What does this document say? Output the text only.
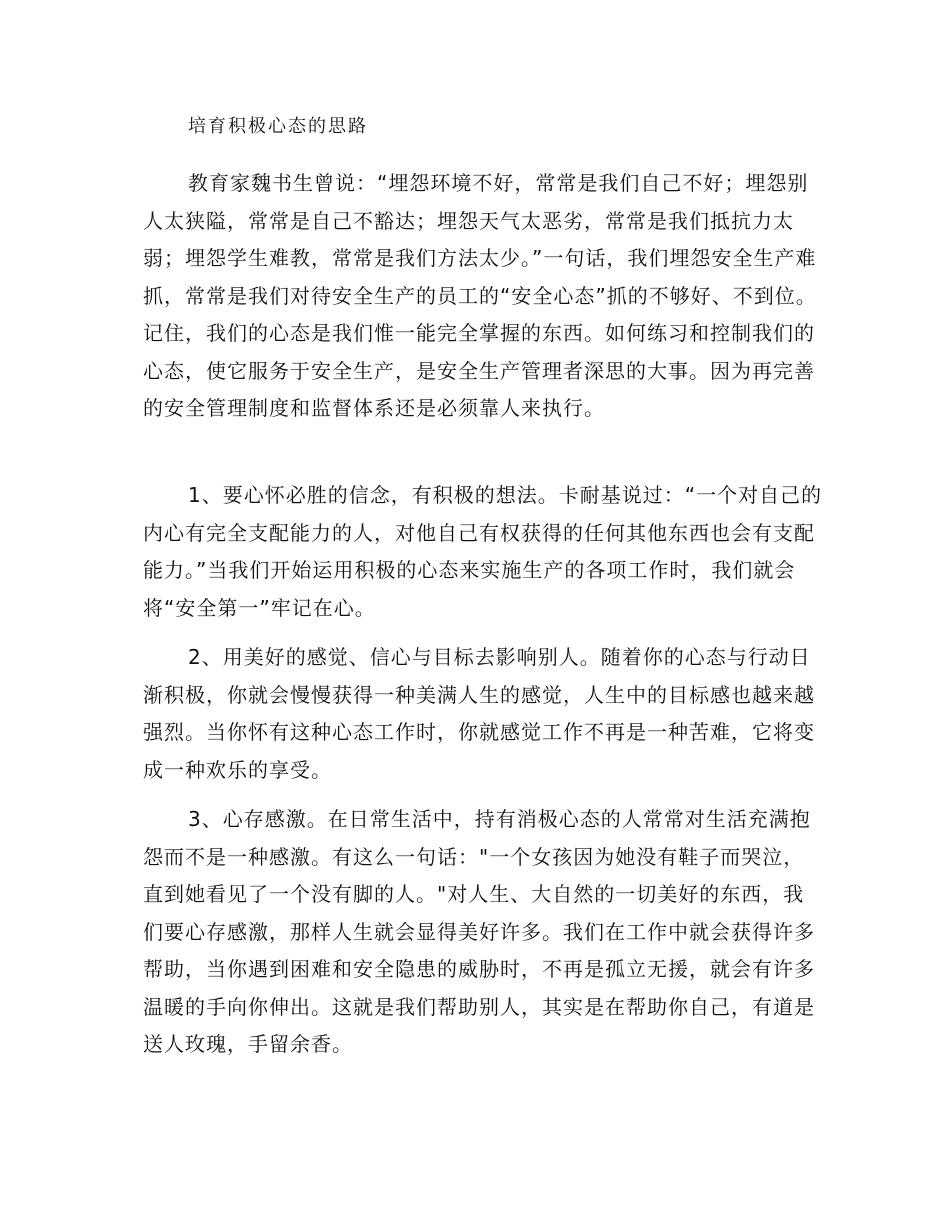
培育积极心态的思路

教育家魏书生曾说：“埋怨环境不好，常常是我们自己不好；埋怨别人太狭隘，常常是自己不豁达；埋怨天气太恶劣，常常是我们抵抗力太弱；埋怨学生难教，常常是我们方法太少。”一句话，我们埋怨安全生产难抓，常常是我们对待安全生产的员工的“安全心态”抓的不够好、不到位。记住，我们的心态是我们惟一能完全掌握的东西。如何练习和控制我们的心态，使它服务于安全生产，是安全生产管理者深思的大事。因为再完善的安全管理制度和监督体系还是必须靠人来执行。

1、要心怀必胜的信念，有积极的想法。卡耐基说过：“一个对自己的内心有完全支配能力的人，对他自己有权获得的任何其他东西也会有支配能力。”当我们开始运用积极的心态来实施生产的各项工作时，我们就会将“安全第一”牢记在心。

2、用美好的感觉、信心与目标去影响别人。随着你的心态与行动日渐积极，你就会慢慢获得一种美满人生的感觉，人生中的目标感也越来越强烈。当你怀有这种心态工作时，你就感觉工作不再是一种苦难，它将变成一种欢乐的享受。

3、心存感激。在日常生活中，持有消极心态的人常常对生活充满抱怨而不是一种感激。有这么一句话："一个女孩因为她没有鞋子而哭泣，直到她看见了一个没有脚的人。"对人生、大自然的一切美好的东西，我们要心存感激，那样人生就会显得美好许多。我们在工作中就会获得许多帮助，当你遇到困难和安全隐患的威胁时，不再是孤立无援，就会有许多温暖的手向你伸出。这就是我们帮助别人，其实是在帮助你自己，有道是送人玫瑰，手留余香。
